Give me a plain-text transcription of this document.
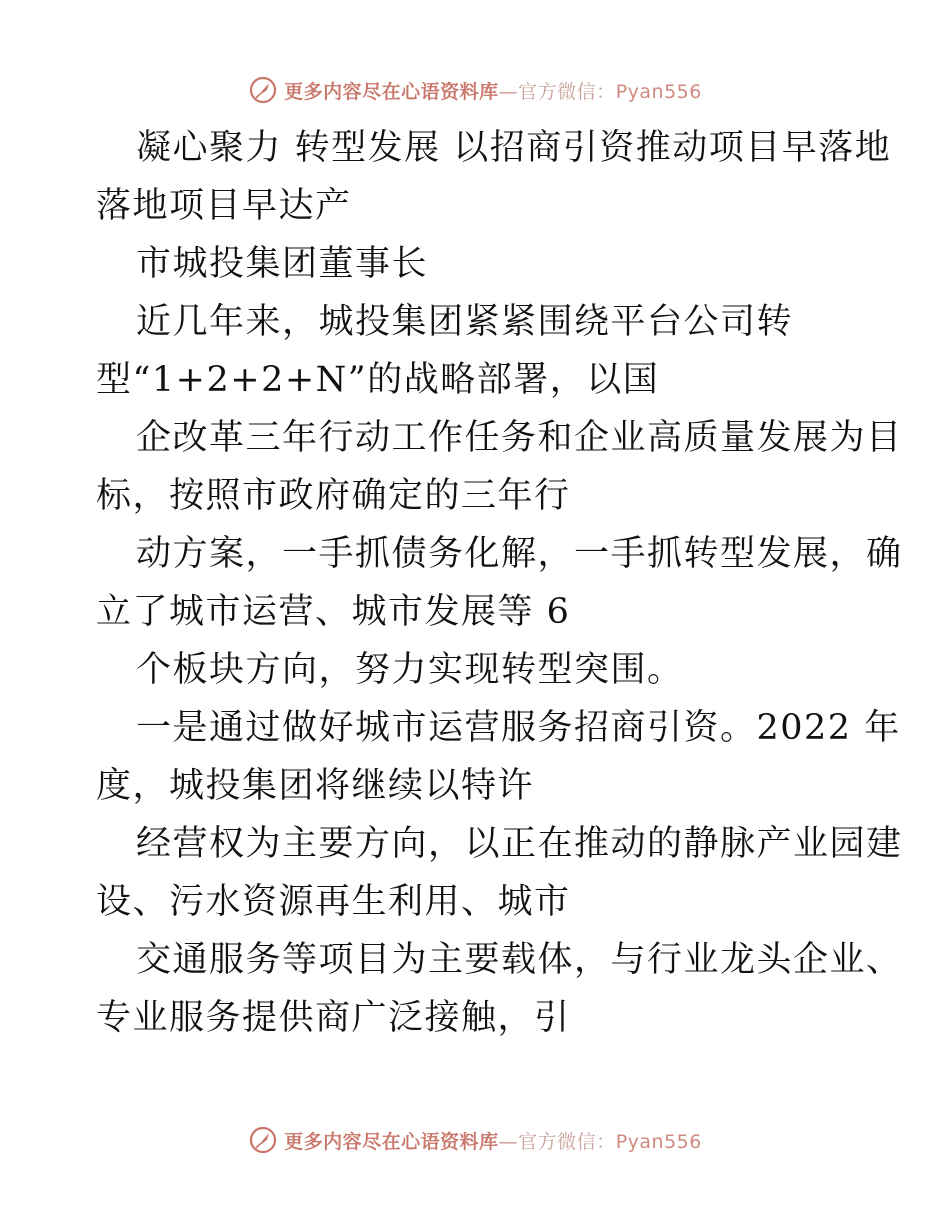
更多内容尽在心语资料库—官方微信：Pyan556
凝心聚力 转型发展 以招商引资推动项目早落地
落地项目早达产
市城投集团董事长
近几年来，城投集团紧紧围绕平台公司转
型“1+2+2+N”的战略部署，以国
企改革三年行动工作任务和企业高质量发展为目
标，按照市政府确定的三年行
动方案，一手抓债务化解，一手抓转型发展，确
立了城市运营、城市发展等 6
个板块方向，努力实现转型突围。
一是通过做好城市运营服务招商引资。2022 年
度，城投集团将继续以特许
经营权为主要方向，以正在推动的静脉产业园建
设、污水资源再生利用、城市
交通服务等项目为主要载体，与行业龙头企业、
专业服务提供商广泛接触，引
更多内容尽在心语资料库—官方微信：Pyan556
